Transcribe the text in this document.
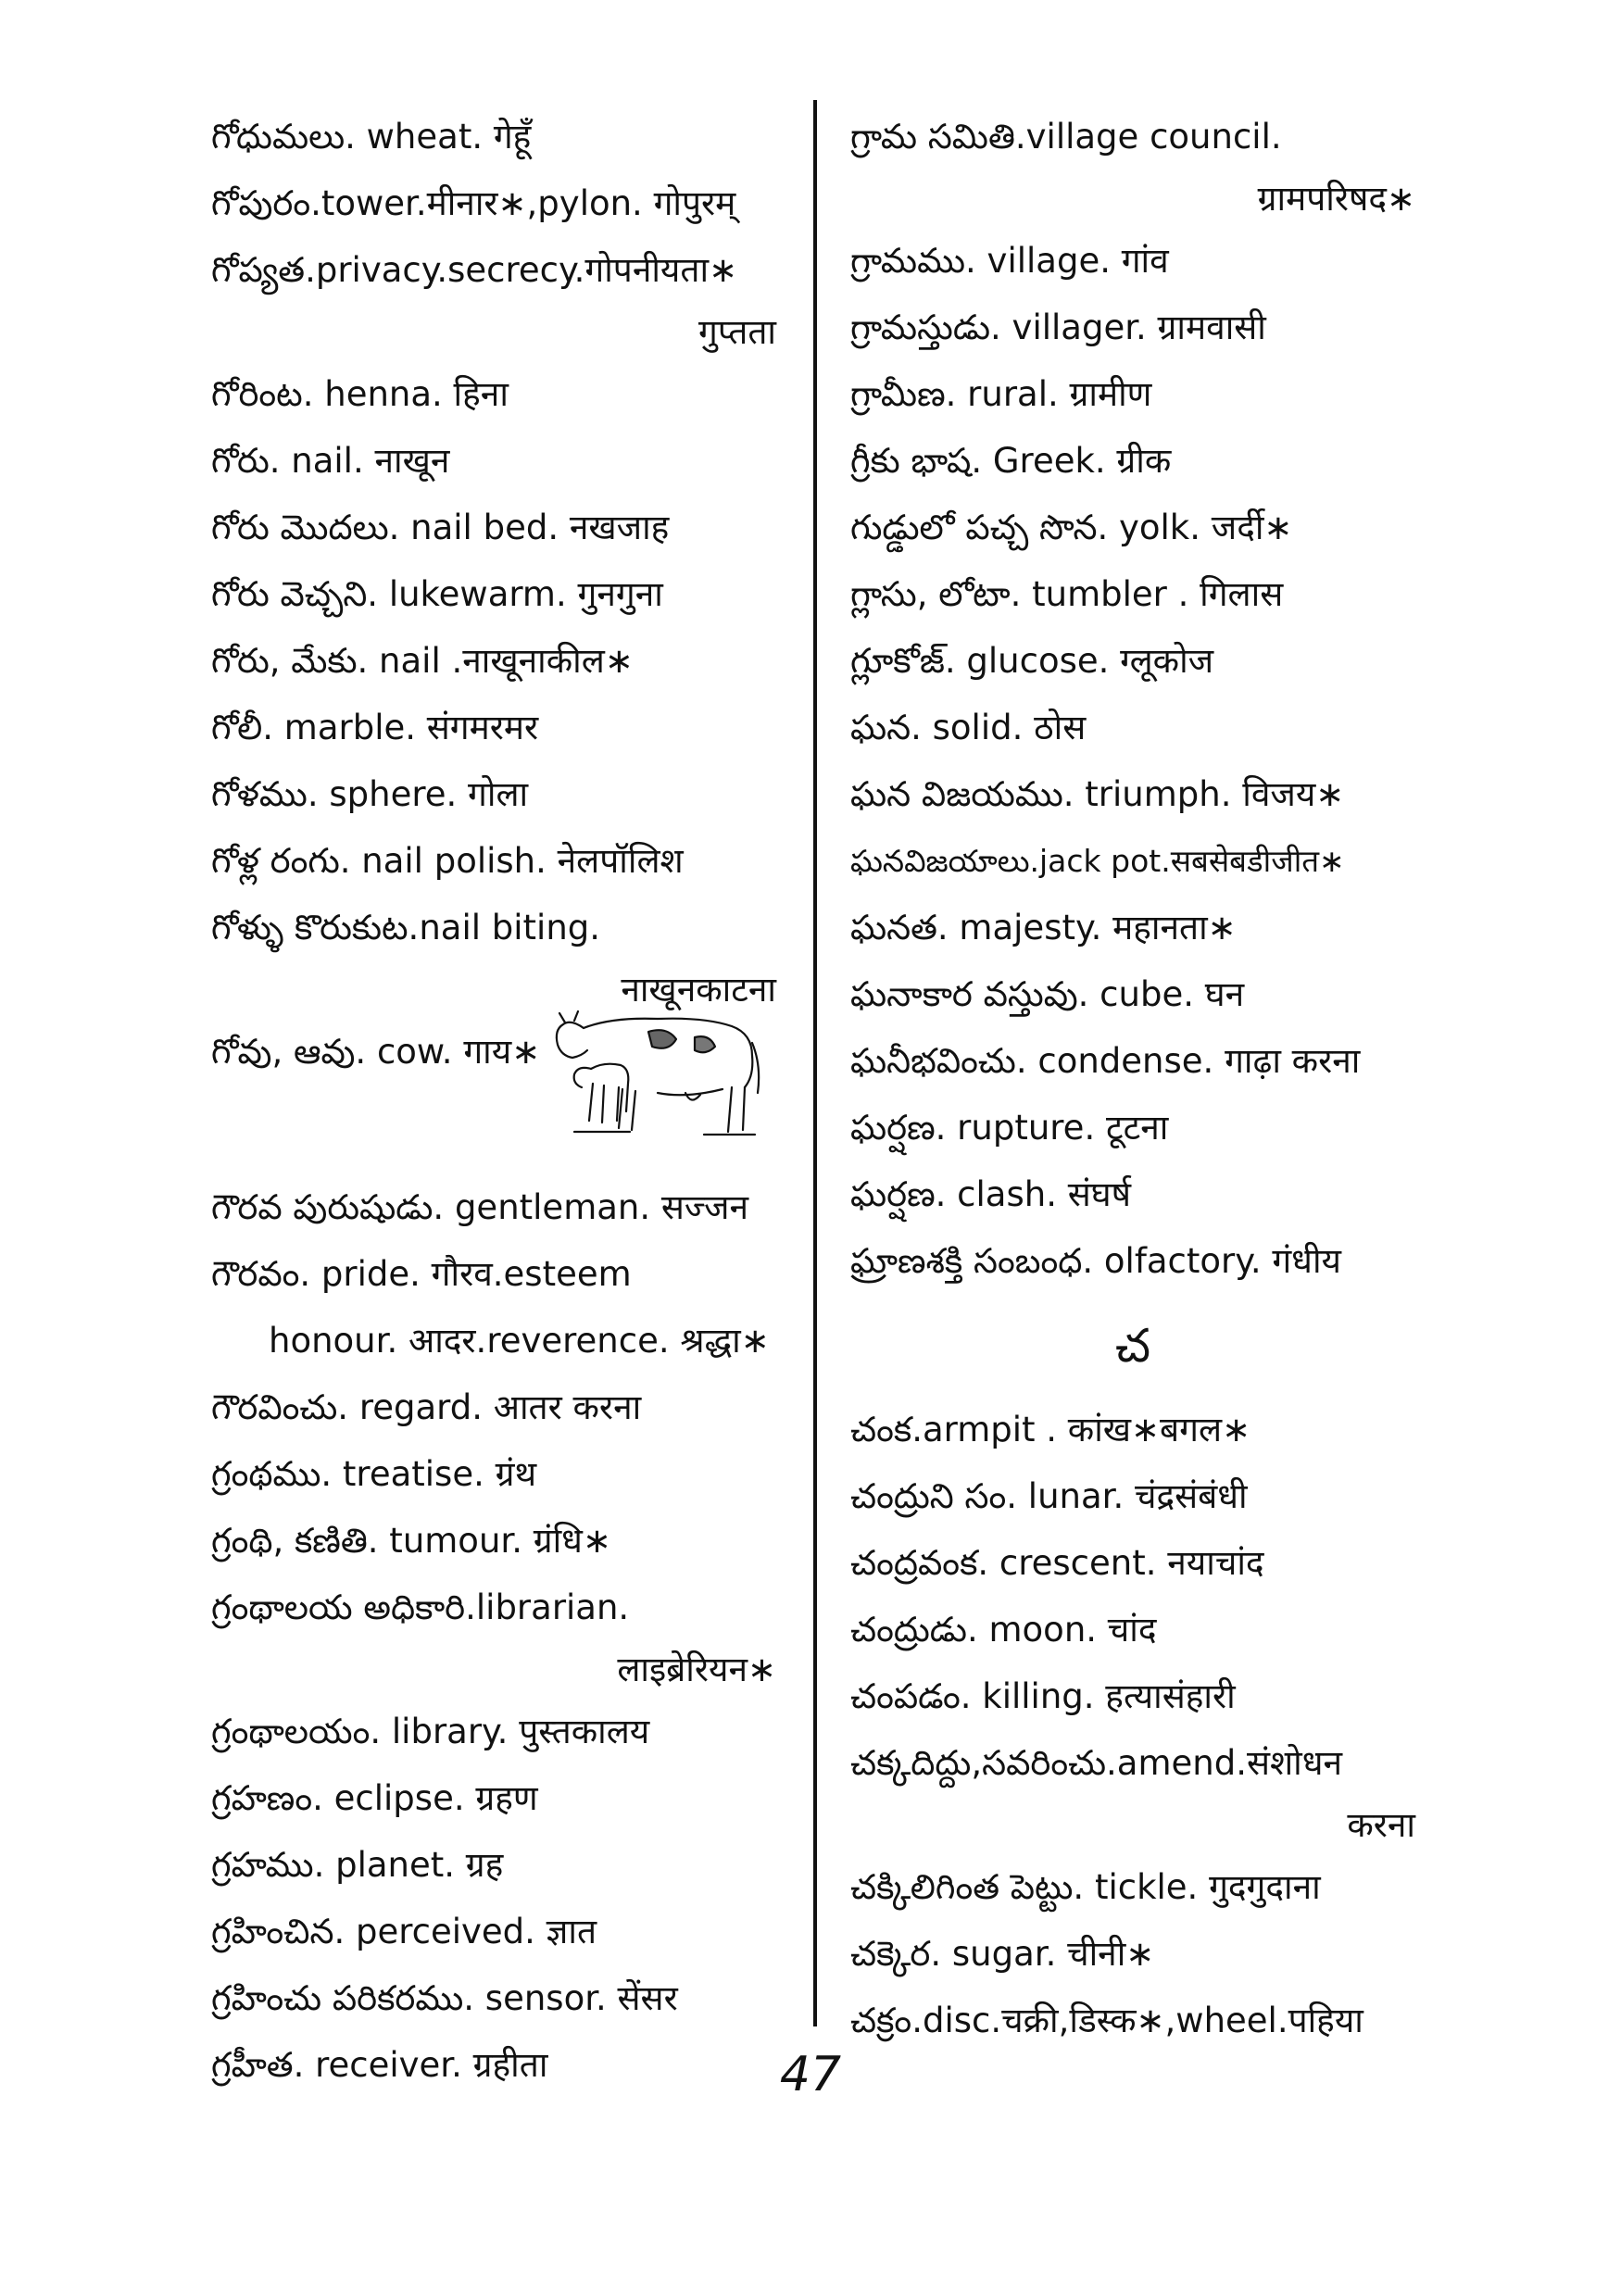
గోధుమలు. wheat. गेहूँ
గోపురం.tower.मीनार∗,pylon. गोपुरम्
గోప్యత.privacy.secrecy.गोपनीयता∗
गुप्तता
గోరింట. henna. हिना
గోరు. nail. नाखून
గోరు మొదలు. nail bed. नखजाह
గోరు వెచ్చని. lukewarm. गुनगुना
గోరు, మేకు. nail .नाखूनाकील∗
గోలీ. marble. संगमरमर
గోళము. sphere. गोला
గోళ్ల రంగు. nail polish. नेलपॉलिश
గోళ్ళు కొరుకుట.nail biting.
नाखूनकाटना
గోవు, ఆవు. cow. गाय∗
గౌరవ పురుషుడు. gentleman. सज्जन
గౌరవం. pride. गौरव.esteem
honour. आदर.reverence. श्रद्धा∗
గౌరవించు. regard. आतर करना
గ్రంథము. treatise. ग्रंथ
గ్రంథి, కణితి. tumour. ग्रंधि∗
గ్రంథాలయ అధికారి.librarian.
लाइब्रेरियन∗
గ్రంథాలయం. library. पुस्तकालय
గ్రహణం. eclipse. ग्रहण
గ్రహము. planet. ग्रह
గ్రహించిన. perceived. ज्ञात
గ్రహించు పరికరము. sensor. सेंसर
గ్రహీత. receiver. ग्रहीता
గ్రామ సమితి.village council.
ग्रामपरिषद∗
గ్రామము. village. गांव
గ్రామస్తుడు. villager. ग्रामवासी
గ్రామీణ. rural. ग्रामीण
గ్రీకు భాష. Greek. ग्रीक
గుడ్డులో పచ్చ సొన. yolk. जर्दी∗
గ్లాసు, లోటా. tumbler . गिलास
గ్లూకోజ్. glucose. ग्लूकोज
ఘన. solid. ठोस
ఘన విజయము. triumph. विजय∗
ఘనవిజయాలు.jack pot.सबसेबडीजीत∗
ఘనత. majesty. महानता∗
ఘనాకార వస్తువు. cube. घन
ఘనీభవించు. condense. गाढ़ा करना
ఘర్షణ. rupture. टूटना
ఘర్షణ. clash. संघर्ष
ఘ్రాణశక్తి సంబంధ. olfactory. गंधीय
చ
చంక.armpit . कांख∗बगल∗
చంద్రుని సం. lunar. चंद्रसंबंधी
చంద్రవంక. crescent. नयाचांद
చంద్రుడు. moon. चांद
చంపడం. killing. हत्यासंहारी
చక్కదిద్దు,సవరించు.amend.संशोधन
करना
చక్కిలిగింత పెట్టు. tickle. गुदगुदाना
చక్కెర. sugar. चीनी∗
చక్రం.disc.चक्री,डिस्क∗,wheel.पहिया
47
